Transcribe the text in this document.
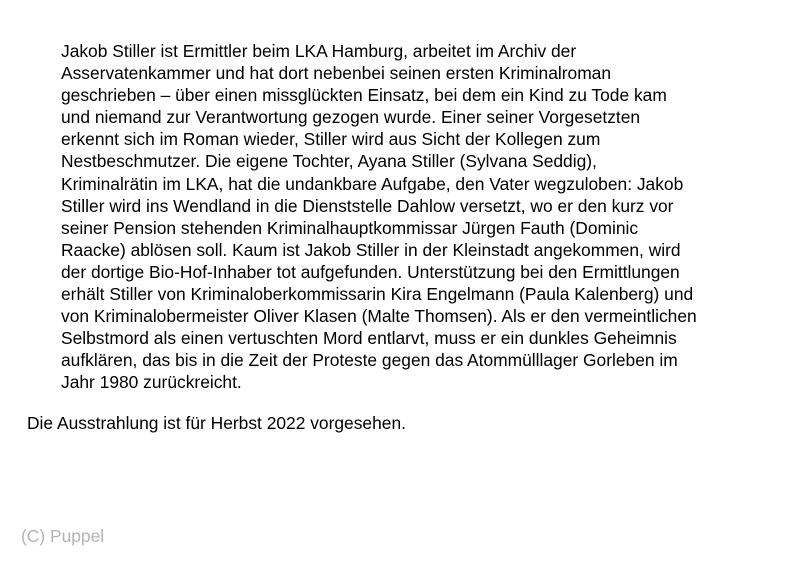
Jakob Stiller ist Ermittler beim LKA Hamburg, arbeitet im Archiv der
Asservatenkammer und hat dort nebenbei seinen ersten Kriminalroman
geschrieben – über einen missglückten Einsatz, bei dem ein Kind zu Tode kam
und niemand zur Verantwortung gezogen wurde. Einer seiner Vorgesetzten
erkennt sich im Roman wieder, Stiller wird aus Sicht der Kollegen zum
Nestbeschmutzer. Die eigene Tochter, Ayana Stiller (Sylvana Seddig),
Kriminalrätin im LKA, hat die undankbare Aufgabe, den Vater wegzuloben: Jakob
Stiller wird ins Wendland in die Dienststelle Dahlow versetzt, wo er den kurz vor
seiner Pension stehenden Kriminalhauptkommissar Jürgen Fauth (Dominic
Raacke) ablösen soll. Kaum ist Jakob Stiller in der Kleinstadt angekommen, wird
der dortige Bio-Hof-Inhaber tot aufgefunden. Unterstützung bei den Ermittlungen
erhält Stiller von Kriminaloberkommissarin Kira Engelmann (Paula Kalenberg) und
von Kriminalobermeister Oliver Klasen (Malte Thomsen). Als er den vermeintlichen
Selbstmord als einen vertuschten Mord entlarvt, muss er ein dunkles Geheimnis
aufklären, das bis in die Zeit der Proteste gegen das Atommülllager Gorleben im
Jahr 1980 zurückreicht.

Die Ausstrahlung ist für Herbst 2022 vorgesehen.

(C) Puppel
